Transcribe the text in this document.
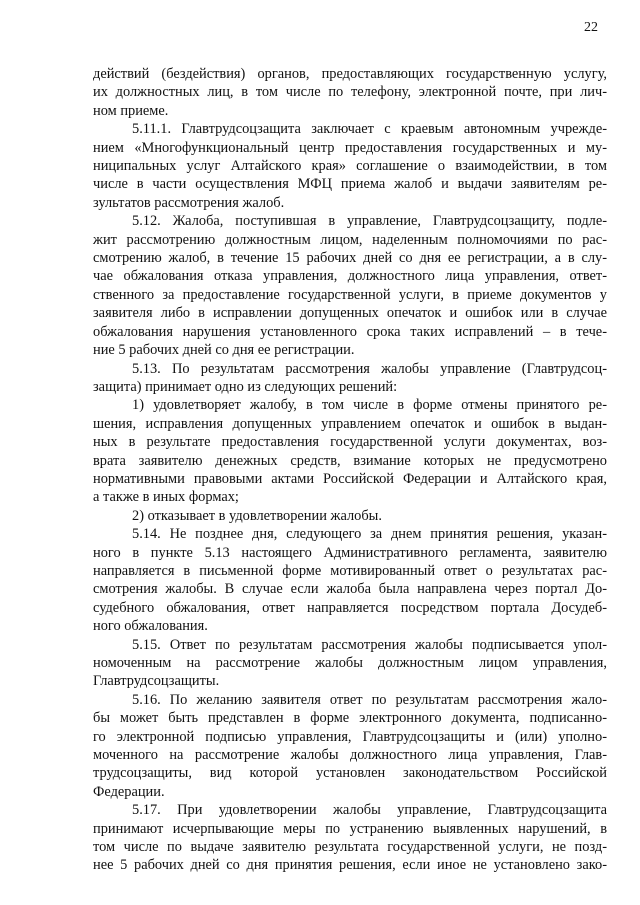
22
действий (бездействия) органов, предоставляющих государственную услугу,
их должностных лиц, в том числе по телефону, электронной почте, при лич-
ном приеме.
5.11.1. Главтрудсоцзащита заключает с краевым автономным учрежде-
нием «Многофункциональный центр предоставления государственных и му-
ниципальных услуг Алтайского края» соглашение о взаимодействии, в том
числе в части осуществления МФЦ приема жалоб и выдачи заявителям ре-
зультатов рассмотрения жалоб.
5.12. Жалоба, поступившая в управление, Главтрудсоцзащиту, подле-
жит рассмотрению должностным лицом, наделенным полномочиями по рас-
смотрению жалоб, в течение 15 рабочих дней со дня ее регистрации, а в слу-
чае обжалования отказа управления, должностного лица управления, ответ-
ственного за предоставление государственной услуги, в приеме документов у
заявителя либо в исправлении допущенных опечаток и ошибок или в случае
обжалования нарушения установленного срока таких исправлений – в тече-
ние 5 рабочих дней со дня ее регистрации.
5.13. По результатам рассмотрения жалобы управление (Главтрудсоц-
защита) принимает одно из следующих решений:
1) удовлетворяет жалобу, в том числе в форме отмены принятого ре-
шения, исправления допущенных управлением опечаток и ошибок в выдан-
ных в результате предоставления государственной услуги документах, воз-
врата заявителю денежных средств, взимание которых не предусмотрено
нормативными правовыми актами Российской Федерации и Алтайского края,
а также в иных формах;
2) отказывает в удовлетворении жалобы.
5.14. Не позднее дня, следующего за днем принятия решения, указан-
ного в пункте 5.13 настоящего Административного регламента, заявителю
направляется в письменной форме мотивированный ответ о результатах рас-
смотрения жалобы. В случае если жалоба была направлена через портал До-
судебного обжалования, ответ направляется посредством портала Досудеб-
ного обжалования.
5.15. Ответ по результатам рассмотрения жалобы подписывается упол-
номоченным на рассмотрение жалобы должностным лицом управления,
Главтрудсоцзащиты.
5.16. По желанию заявителя ответ по результатам рассмотрения жало-
бы может быть представлен в форме электронного документа, подписанно-
го электронной подписью управления, Главтрудсоцзащиты и (или) уполно-
моченного на рассмотрение жалобы должностного лица управления, Глав-
трудсоцзащиты, вид которой установлен законодательством Российской
Федерации.
5.17. При удовлетворении жалобы управление, Главтрудсоцзащита
принимают исчерпывающие меры по устранению выявленных нарушений, в
том числе по выдаче заявителю результата государственной услуги, не позд-
нее 5 рабочих дней со дня принятия решения, если иное не установлено зако-
